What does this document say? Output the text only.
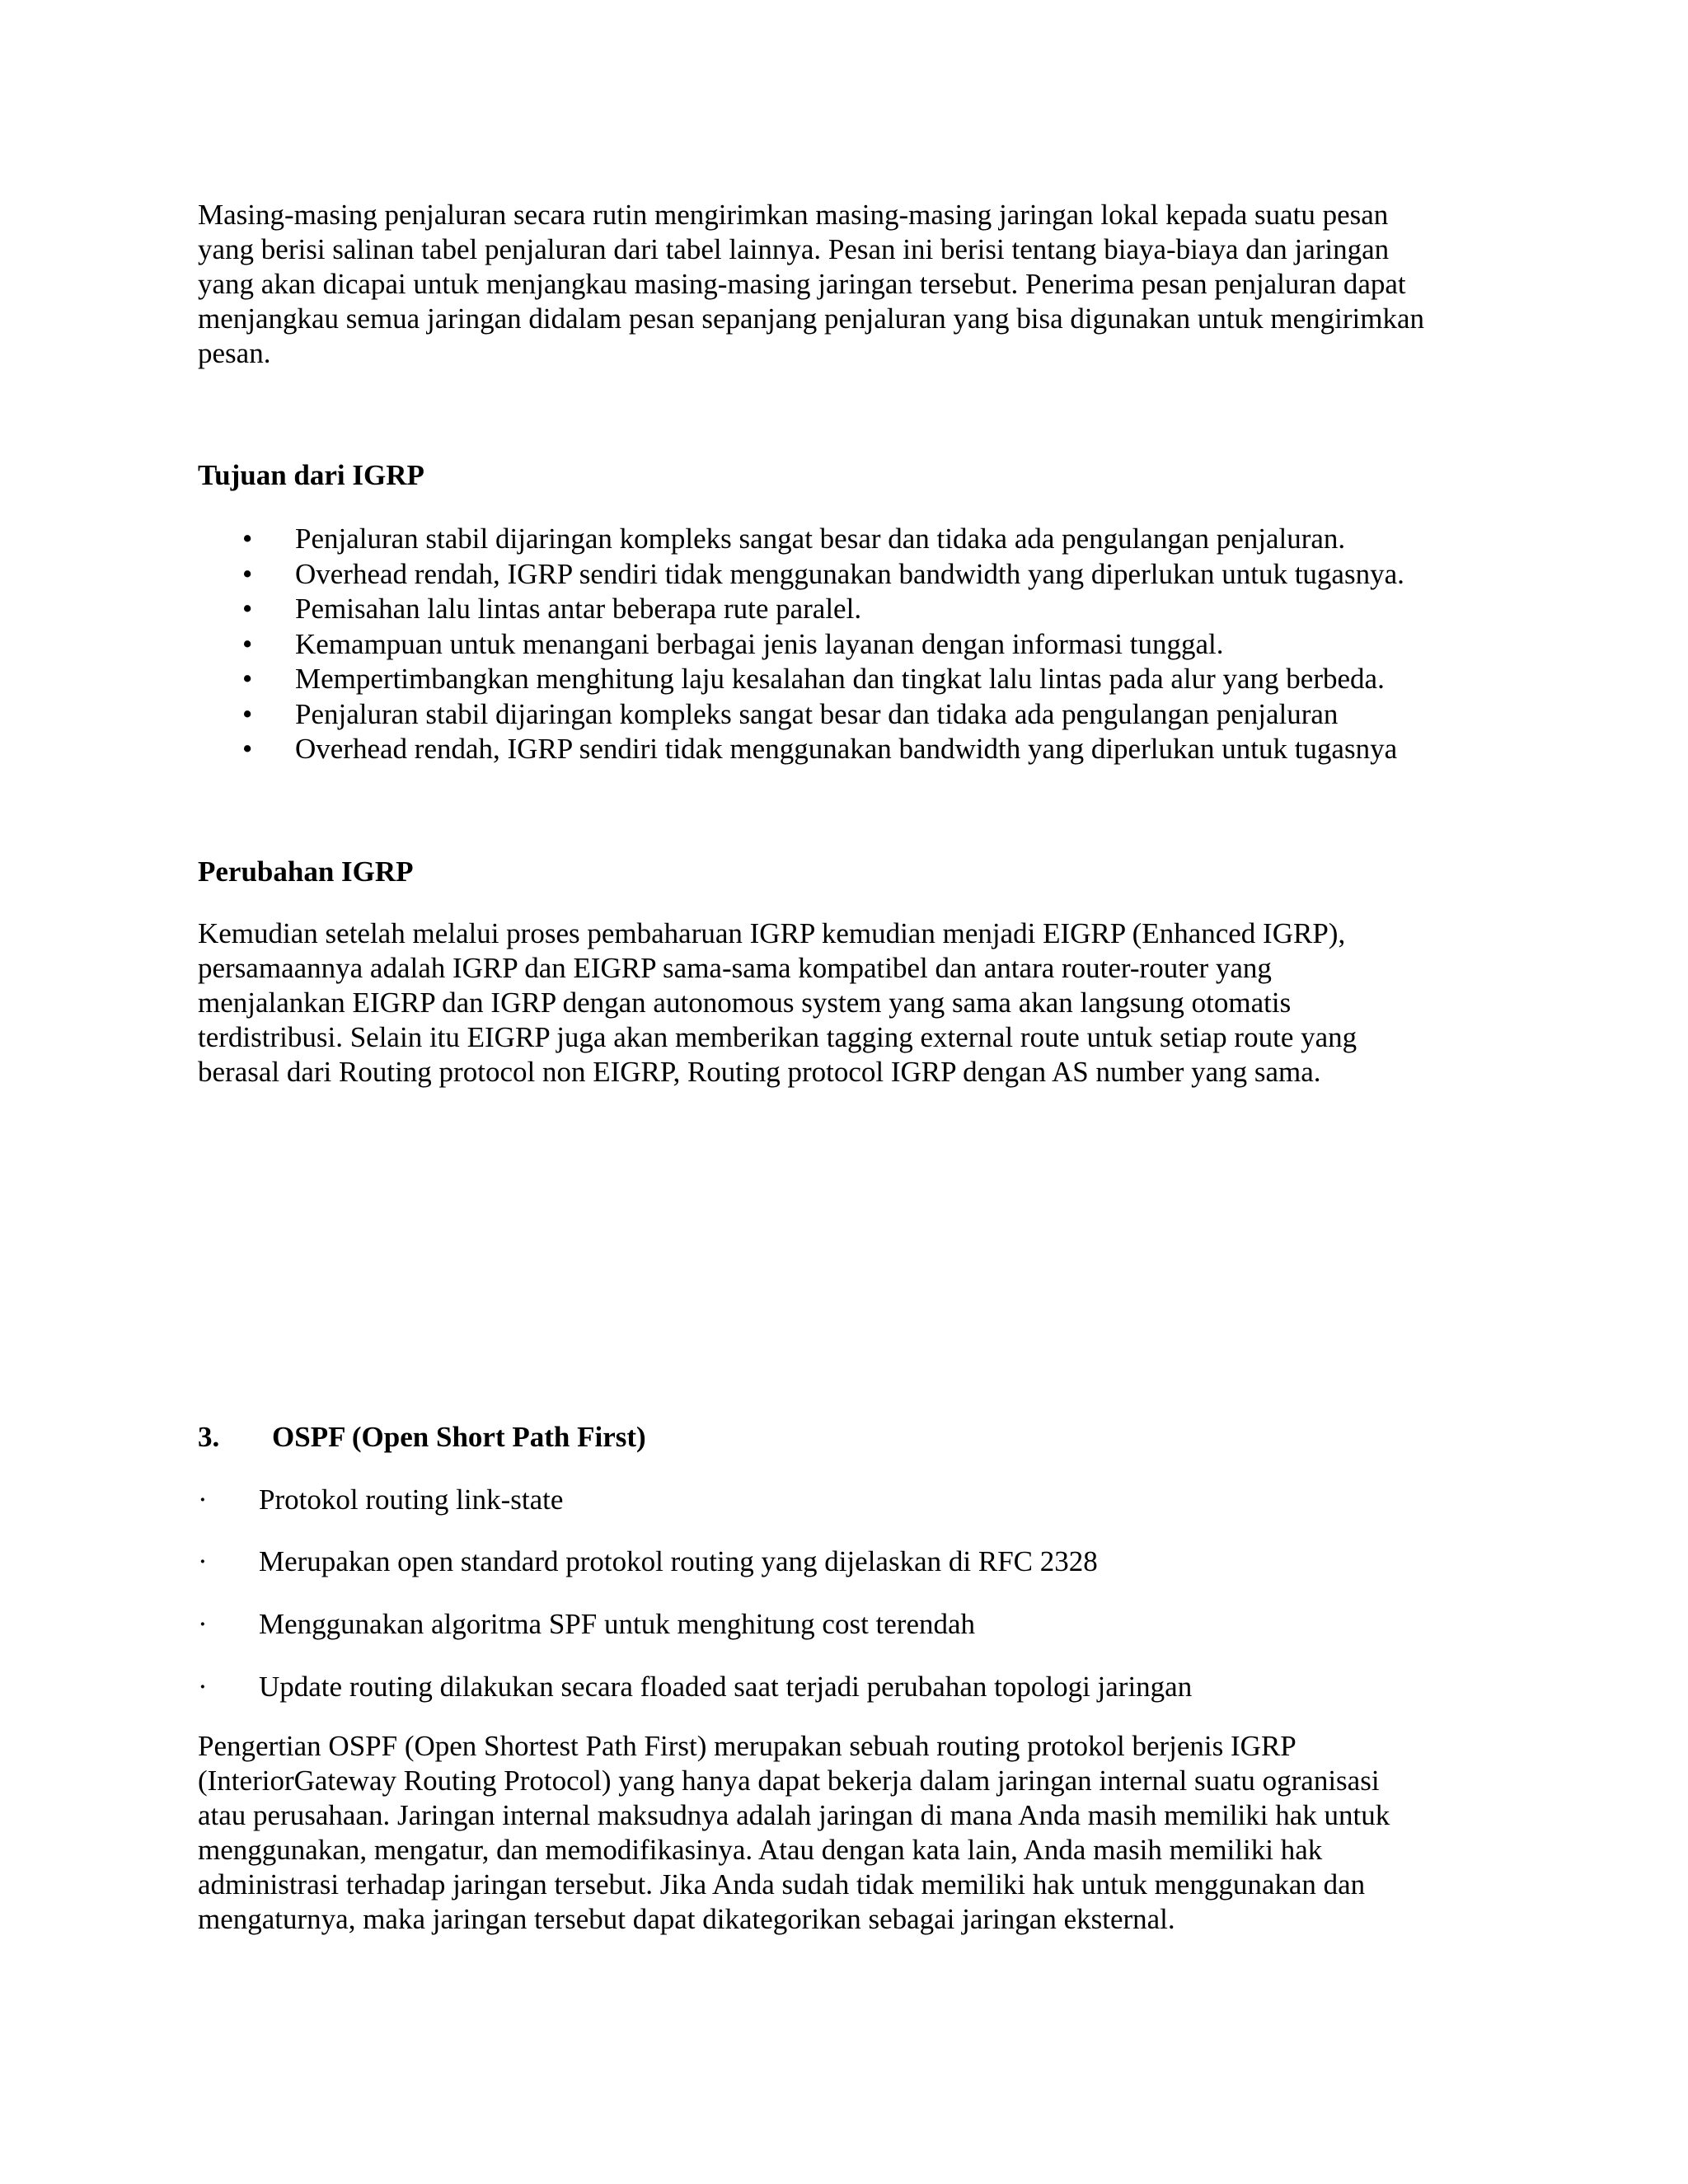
Masing-masing penjaluran secara rutin mengirimkan masing-masing jaringan lokal kepada suatu pesan
yang berisi salinan tabel penjaluran dari tabel lainnya. Pesan ini berisi tentang biaya-biaya dan jaringan
yang akan dicapai untuk menjangkau masing-masing jaringan tersebut. Penerima pesan penjaluran dapat
menjangkau semua jaringan didalam pesan sepanjang penjaluran yang bisa digunakan untuk mengirimkan
pesan.
Tujuan dari IGRP
• Penjaluran stabil dijaringan kompleks sangat besar dan tidaka ada pengulangan penjaluran.
• Overhead rendah, IGRP sendiri tidak menggunakan bandwidth yang diperlukan untuk tugasnya.
• Pemisahan lalu lintas antar beberapa rute paralel.
• Kemampuan untuk menangani berbagai jenis layanan dengan informasi tunggal.
• Mempertimbangkan menghitung laju kesalahan dan tingkat lalu lintas pada alur yang berbeda.
• Penjaluran stabil dijaringan kompleks sangat besar dan tidaka ada pengulangan penjaluran
• Overhead rendah, IGRP sendiri tidak menggunakan bandwidth yang diperlukan untuk tugasnya
Perubahan IGRP
Kemudian setelah melalui proses pembaharuan IGRP kemudian menjadi EIGRP (Enhanced IGRP),
persamaannya adalah IGRP dan EIGRP sama-sama kompatibel dan antara router-router yang
menjalankan EIGRP dan IGRP dengan autonomous system yang sama akan langsung otomatis
terdistribusi. Selain itu EIGRP juga akan memberikan tagging external route untuk setiap route yang
berasal dari Routing protocol non EIGRP, Routing protocol IGRP dengan AS number yang sama.
3. OSPF (Open Short Path First)
· Protokol routing link-state
· Merupakan open standard protokol routing yang dijelaskan di RFC 2328
· Menggunakan algoritma SPF untuk menghitung cost terendah
· Update routing dilakukan secara floaded saat terjadi perubahan topologi jaringan
Pengertian OSPF (Open Shortest Path First) merupakan sebuah routing protokol berjenis IGRP
(InteriorGateway Routing Protocol) yang hanya dapat bekerja dalam jaringan internal suatu ogranisasi
atau perusahaan. Jaringan internal maksudnya adalah jaringan di mana Anda masih memiliki hak untuk
menggunakan, mengatur, dan memodifikasinya. Atau dengan kata lain, Anda masih memiliki hak
administrasi terhadap jaringan tersebut. Jika Anda sudah tidak memiliki hak untuk menggunakan dan
mengaturnya, maka jaringan tersebut dapat dikategorikan sebagai jaringan eksternal.
